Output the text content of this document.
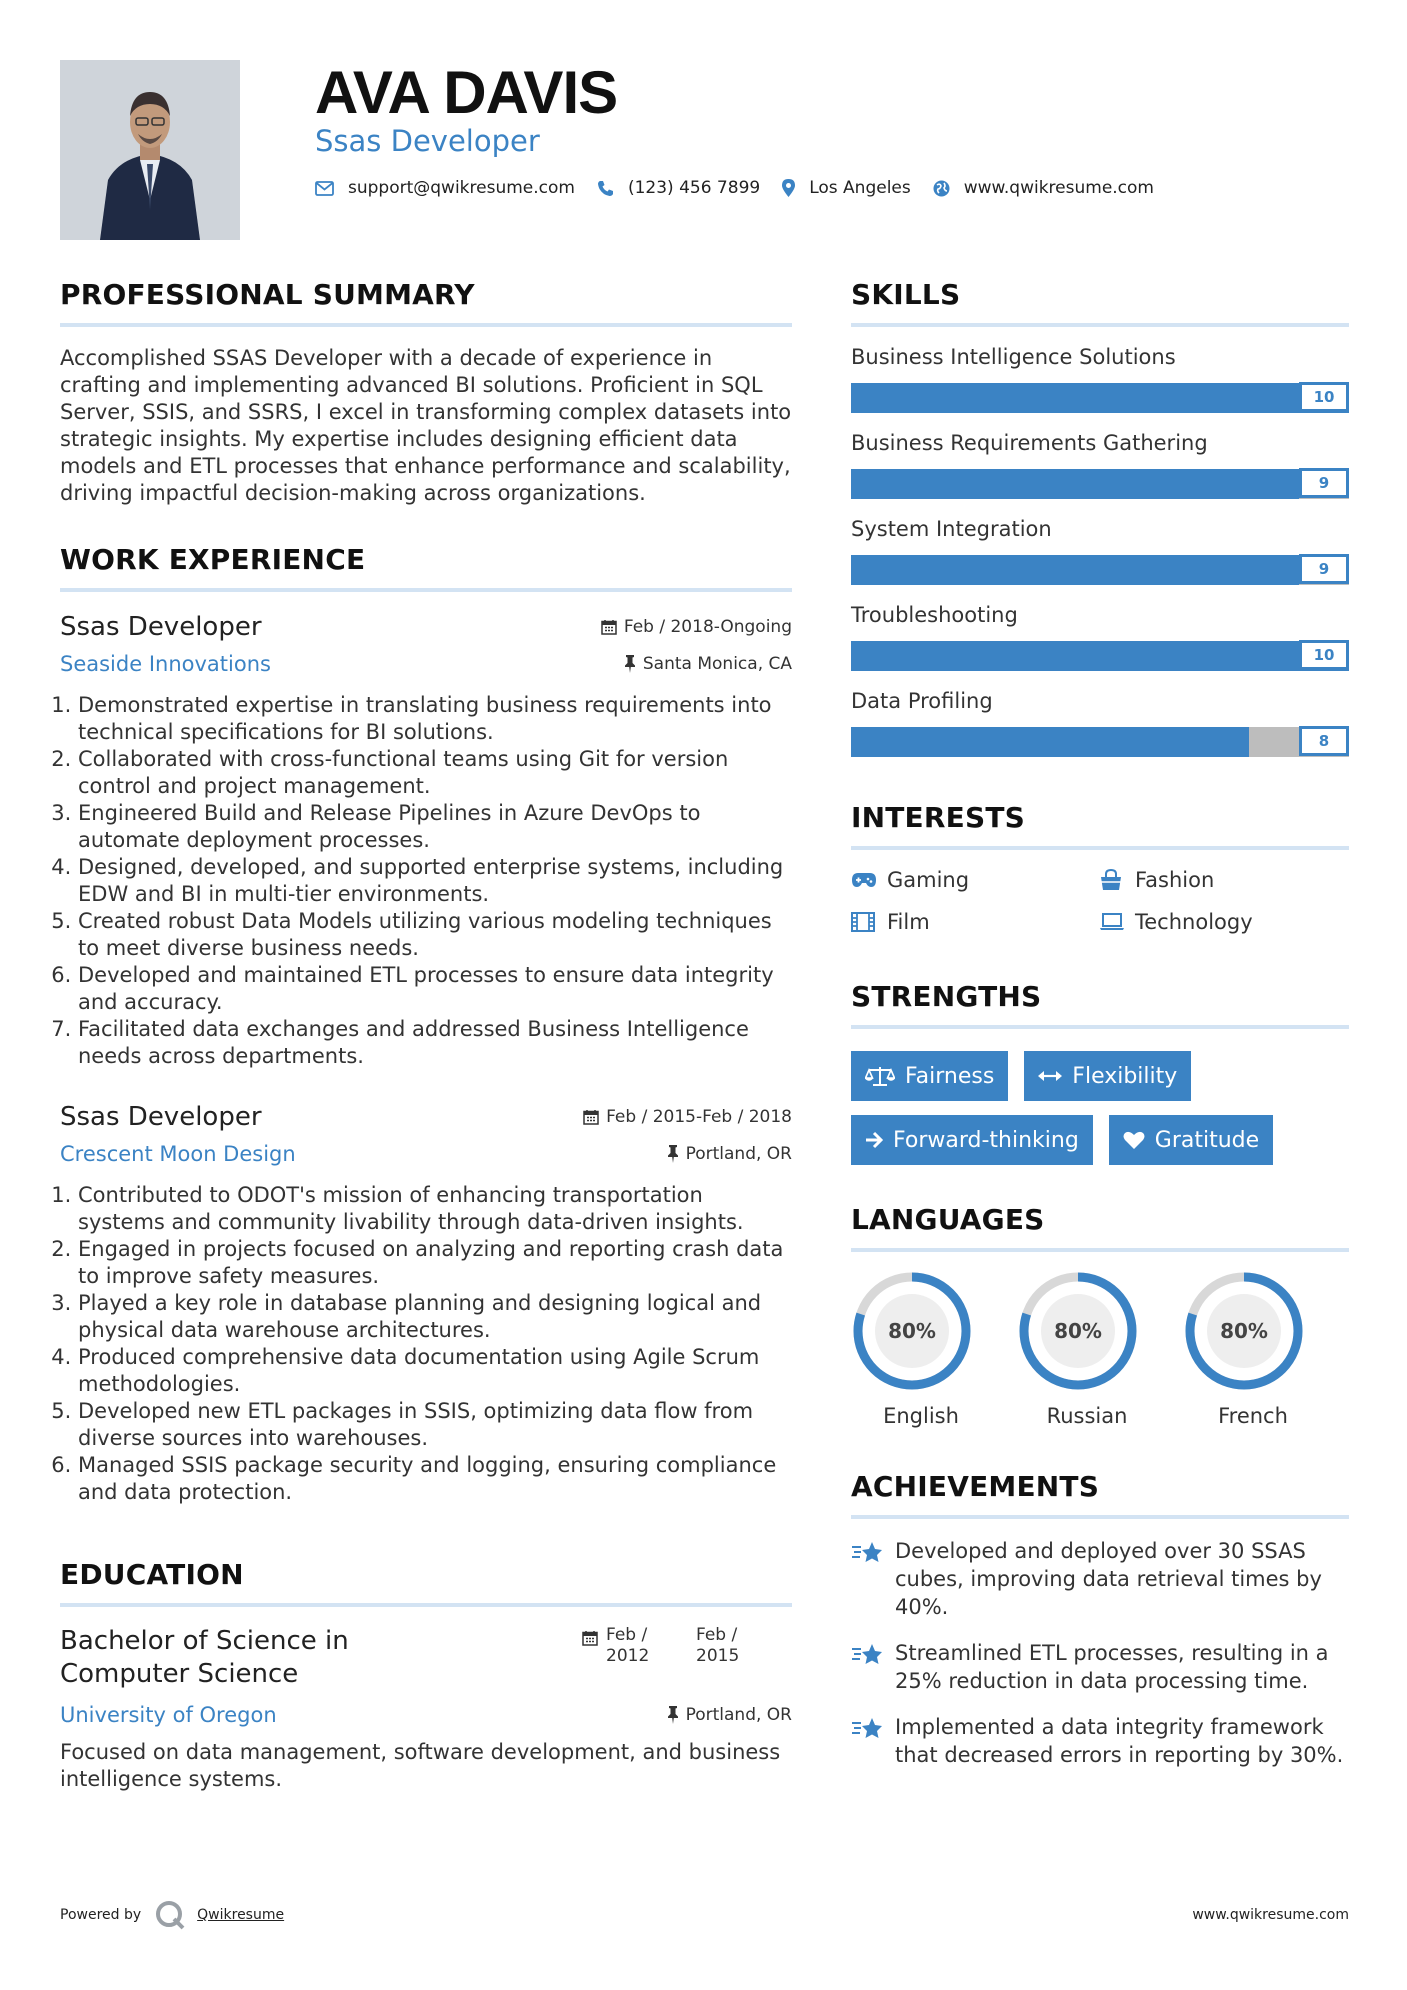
AVA DAVIS
Ssas Developer
support@qwikresume.com	(123) 456 7899	Los Angeles	www.qwikresume.com
PROFESSIONAL SUMMARY

Accomplished SSAS Developer with a decade of experience in crafting and implementing advanced BI solutions. Proficient in SQL Server, SSIS, and SSRS, I excel in transforming complex datasets into strategic insights. My expertise includes designing efficient data models and ETL processes that enhance performance and scalability, driving impactful decision-making across organizations.

WORK EXPERIENCE
Ssas Developer	Feb / 2018-Ongoing
Seaside Innovations	Santa Monica, CA
1. Demonstrated expertise in translating business requirements into technical specifications for BI solutions.
2. Collaborated with cross-functional teams using Git for version control and project management.
3. Engineered Build and Release Pipelines in Azure DevOps to automate deployment processes.
4. Designed, developed, and supported enterprise systems, including EDW and BI in multi-tier environments.
5. Created robust Data Models utilizing various modeling techniques to meet diverse business needs.
6. Developed and maintained ETL processes to ensure data integrity and accuracy.
7. Facilitated data exchanges and addressed Business Intelligence needs across departments.
Ssas Developer	Feb / 2015-Feb / 2018
Crescent Moon Design	Portland, OR
1. Contributed to ODOT's mission of enhancing transportation systems and community livability through data-driven insights.
2. Engaged in projects focused on analyzing and reporting crash data to improve safety measures.
3. Played a key role in database planning and designing logical and physical data warehouse architectures.
4. Produced comprehensive data documentation using Agile Scrum methodologies.
5. Developed new ETL packages in SSIS, optimizing data flow from diverse sources into warehouses.
6. Managed SSIS package security and logging, ensuring compliance and data protection.
EDUCATION
Bachelor of Science in Computer Science
Feb /
2012
Feb /
2015
University of Oregon	Portland, OR

Focused on data management, software development, and business intelligence systems.

SKILLS
Business Intelligence Solutions
10
Business Requirements Gathering
9
System Integration
9
Troubleshooting
10
Data Profiling
8
INTERESTS
Gaming	Fashion
Film	Technology
STRENGTHS
Fairness	Flexibility
Forward-thinking	Gratitude
LANGUAGES
80%
English
80%
Russian
80%
French
ACHIEVEMENTS
Developed and deployed over 30 SSAS cubes, improving data retrieval times by 40%.
Streamlined ETL processes, resulting in a 25% reduction in data processing time.
Implemented a data integrity framework that decreased errors in reporting by 30%.
Powered by	Qwikresume	www.qwikresume.com
